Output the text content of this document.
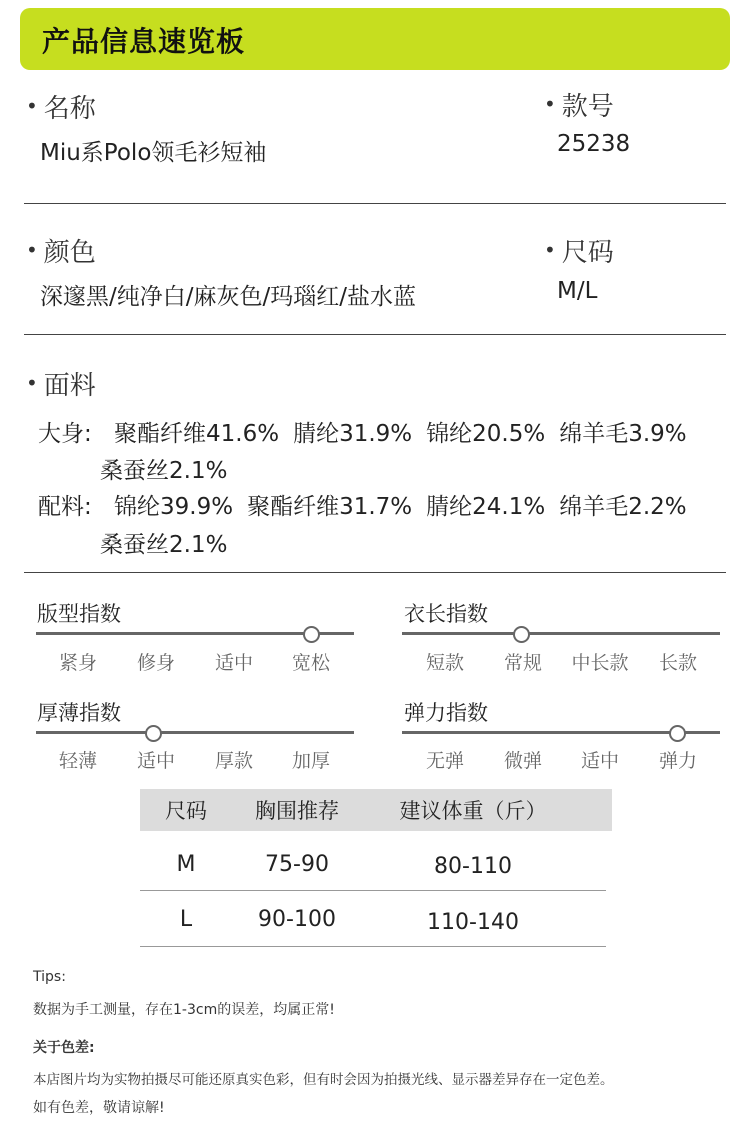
产品信息速览板
• 名称
Miu系Polo领毛衫短袖
• 款号
25238
• 颜色
深邃黑/纯净白/麻灰色/玛瑙红/盐水蓝
• 尺码
M/L
• 面料
大身: 聚酯纤维41.6% 腈纶31.9% 锦纶20.5% 绵羊毛3.9%
桑蚕丝2.1%
配料: 锦纶39.9% 聚酯纤维31.7% 腈纶24.1% 绵羊毛2.2%
桑蚕丝2.1%
版型指数
紧身	修身	适中	宽松
衣长指数
短款	常规	中长款	长款
厚薄指数
轻薄	适中	厚款	加厚
弹力指数
无弹	微弹	适中	弹力
尺码	胸围推荐	建议体重（斤）
M	75-90	80-110
L	90-100	110-140
Tips:
数据为手工测量，存在1-3cm的误差，均属正常!
关于色差:
本店图片均为实物拍摄尽可能还原真实色彩，但有时会因为拍摄光线、显示器差异存在一定色差。
如有色差，敬请谅解!
